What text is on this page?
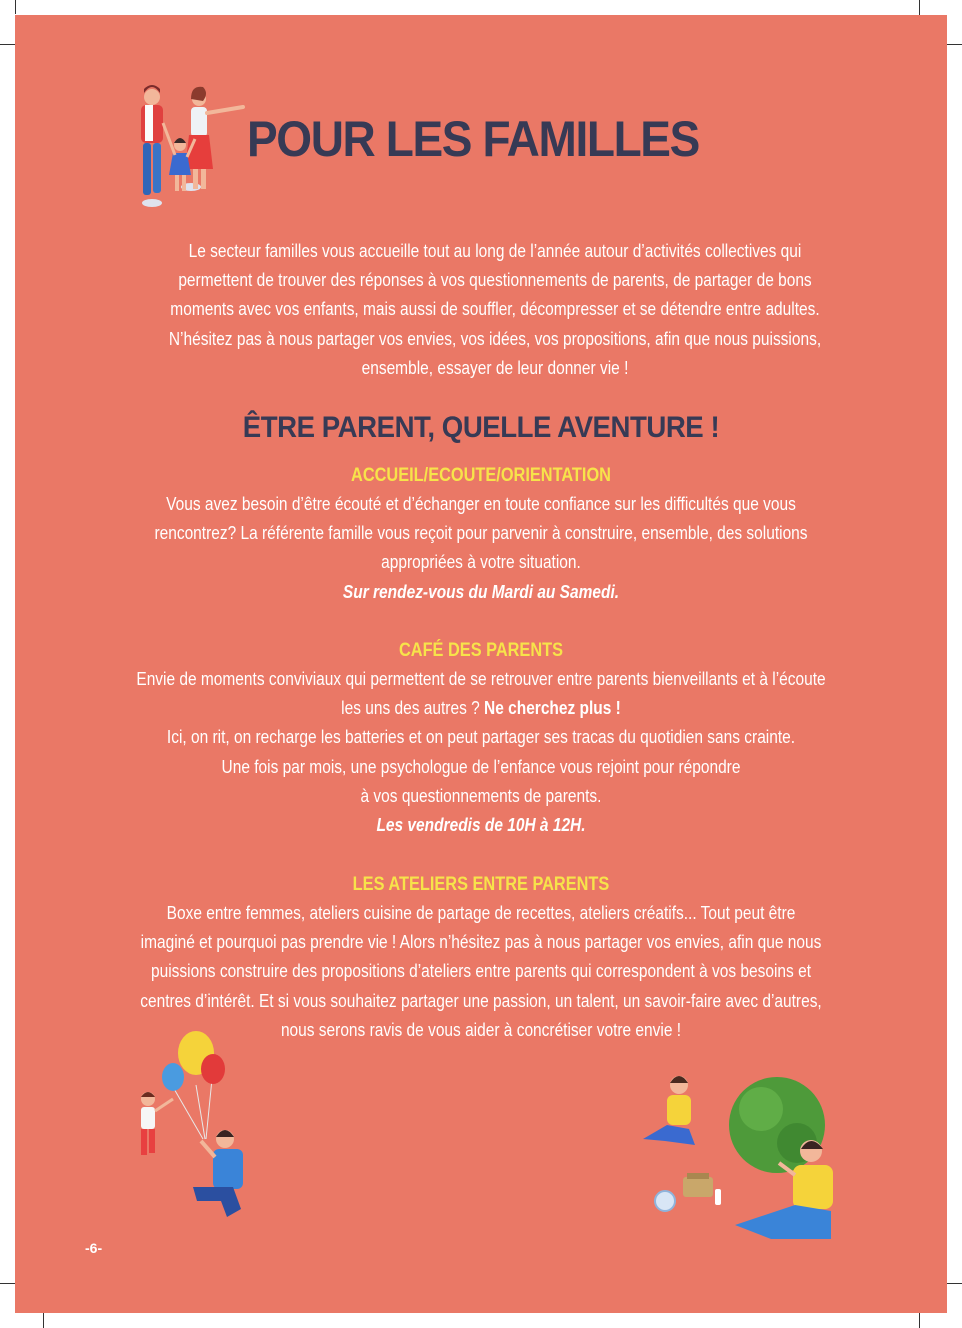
POUR LES FAMILLES
Le secteur familles vous accueille tout au long de l’année autour d’activités collectives qui
permettent de trouver des réponses à vos questionnements de parents, de partager de bons
moments avec vos enfants, mais aussi de souffler, décompresser et se détendre entre adultes.
N’hésitez pas à nous partager vos envies, vos idées, vos propositions, afin que nous puissions,
ensemble, essayer de leur donner vie !
ÊTRE PARENT, QUELLE AVENTURE !
ACCUEIL/ECOUTE/ORIENTATION
Vous avez besoin d’être écouté et d’échanger en toute confiance sur les difficultés que vous
rencontrez? La référente famille vous reçoit pour parvenir à construire, ensemble, des solutions
appropriées à votre situation.
Sur rendez-vous du Mardi au Samedi.
CAFÉ DES PARENTS
Envie de moments conviviaux qui permettent de se retrouver entre parents bienveillants et à l’écoute
les uns des autres ? Ne cherchez plus !
Ici, on rit, on recharge les batteries et on peut partager ses tracas du quotidien sans crainte.
Une fois par mois, une psychologue de l’enfance vous rejoint pour répondre
à vos questionnements de parents.
Les vendredis de 10H à 12H.
LES ATELIERS ENTRE PARENTS
Boxe entre femmes, ateliers cuisine de partage de recettes, ateliers créatifs... Tout peut être
imaginé et pourquoi pas prendre vie ! Alors n’hésitez pas à nous partager vos envies, afin que nous
puissions construire des propositions d’ateliers entre parents qui correspondent à vos besoins et
centres d’intérêt. Et si vous souhaitez partager une passion, un talent, un savoir-faire avec d’autres,
nous serons ravis de vous aider à concrétiser votre envie !
-6-
